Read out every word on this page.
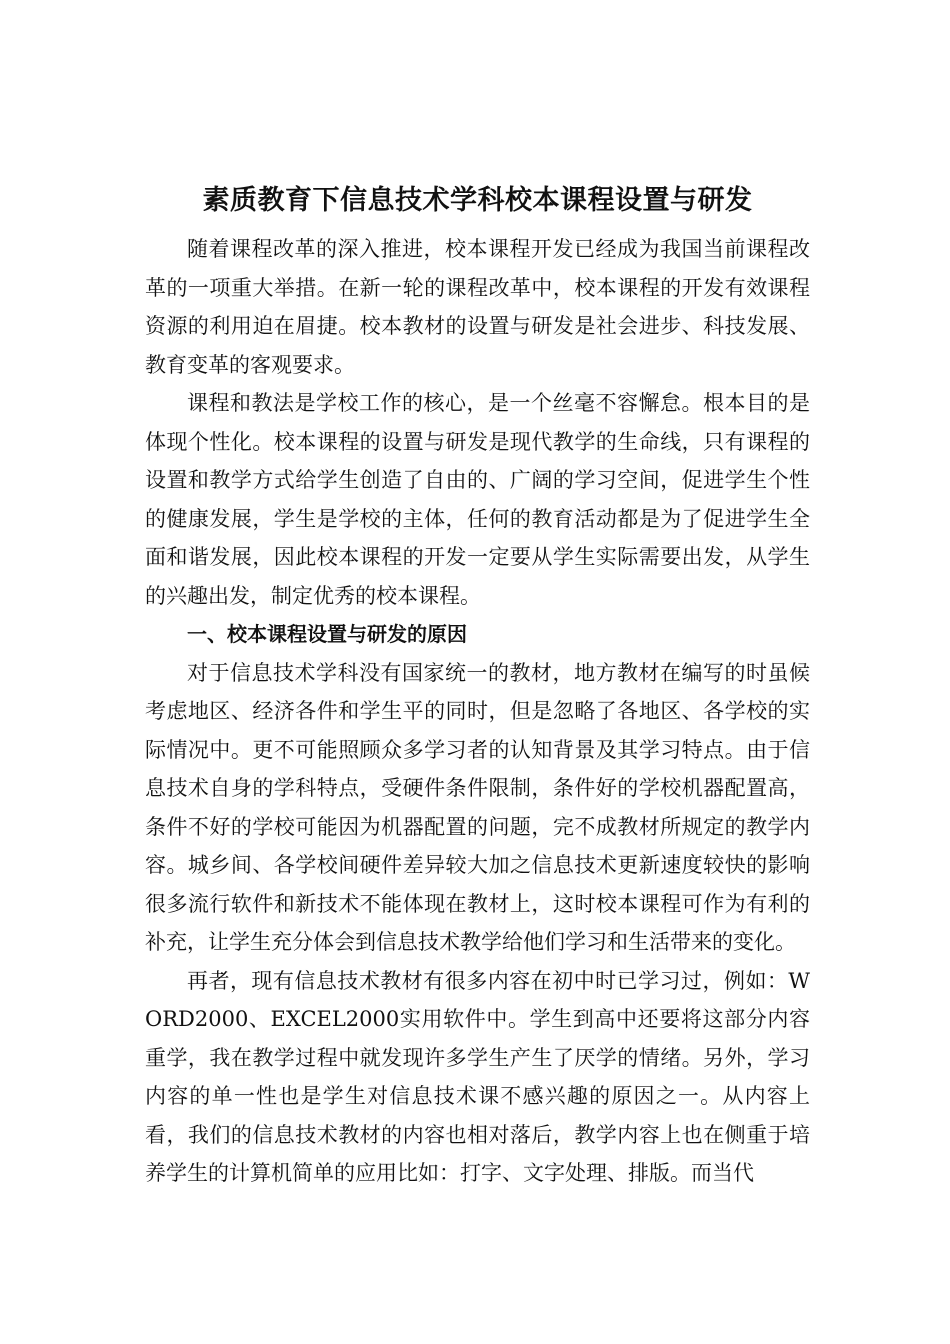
素质教育下信息技术学科校本课程设置与研发

随着课程改革的深入推进，校本课程开发已经成为我国当前课程改革的一项重大举措。在新一轮的课程改革中，校本课程的开发有效课程资源的利用迫在眉捷。校本教材的设置与研发是社会进步、科技发展、教育变革的客观要求。

课程和教法是学校工作的核心，是一个丝毫不容懈怠。根本目的是体现个性化。校本课程的设置与研发是现代教学的生命线，只有课程的设置和教学方式给学生创造了自由的、广阔的学习空间，促进学生个性的健康发展，学生是学校的主体，任何的教育活动都是为了促进学生全面和谐发展，因此校本课程的开发一定要从学生实际需要出发，从学生的兴趣出发，制定优秀的校本课程。

一、校本课程设置与研发的原因

对于信息技术学科没有国家统一的教材，地方教材在编写的时虽候考虑地区、经济各件和学生平的同时，但是忽略了各地区、各学校的实际情况中。更不可能照顾众多学习者的认知背景及其学习特点。由于信息技术自身的学科特点，受硬件条件限制，条件好的学校机器配置高，条件不好的学校可能因为机器配置的问题，完不成教材所规定的教学内容。城乡间、各学校间硬件差异较大加之信息技术更新速度较快的影响很多流行软件和新技术不能体现在教材上，这时校本课程可作为有利的补充，让学生充分体会到信息技术教学给他们学习和生活带来的变化。

再者，现有信息技术教材有很多内容在初中时已学习过，例如：WORD2000、EXCEL2000实用软件中。学生到高中还要将这部分内容重学，我在教学过程中就发现许多学生产生了厌学的情绪。另外，学习内容的单一性也是学生对信息技术课不感兴趣的原因之一。从内容上看，我们的信息技术教材的内容也相对落后，教学内容上也在侧重于培养学生的计算机简单的应用比如：打字、文字处理、排版。而当代
